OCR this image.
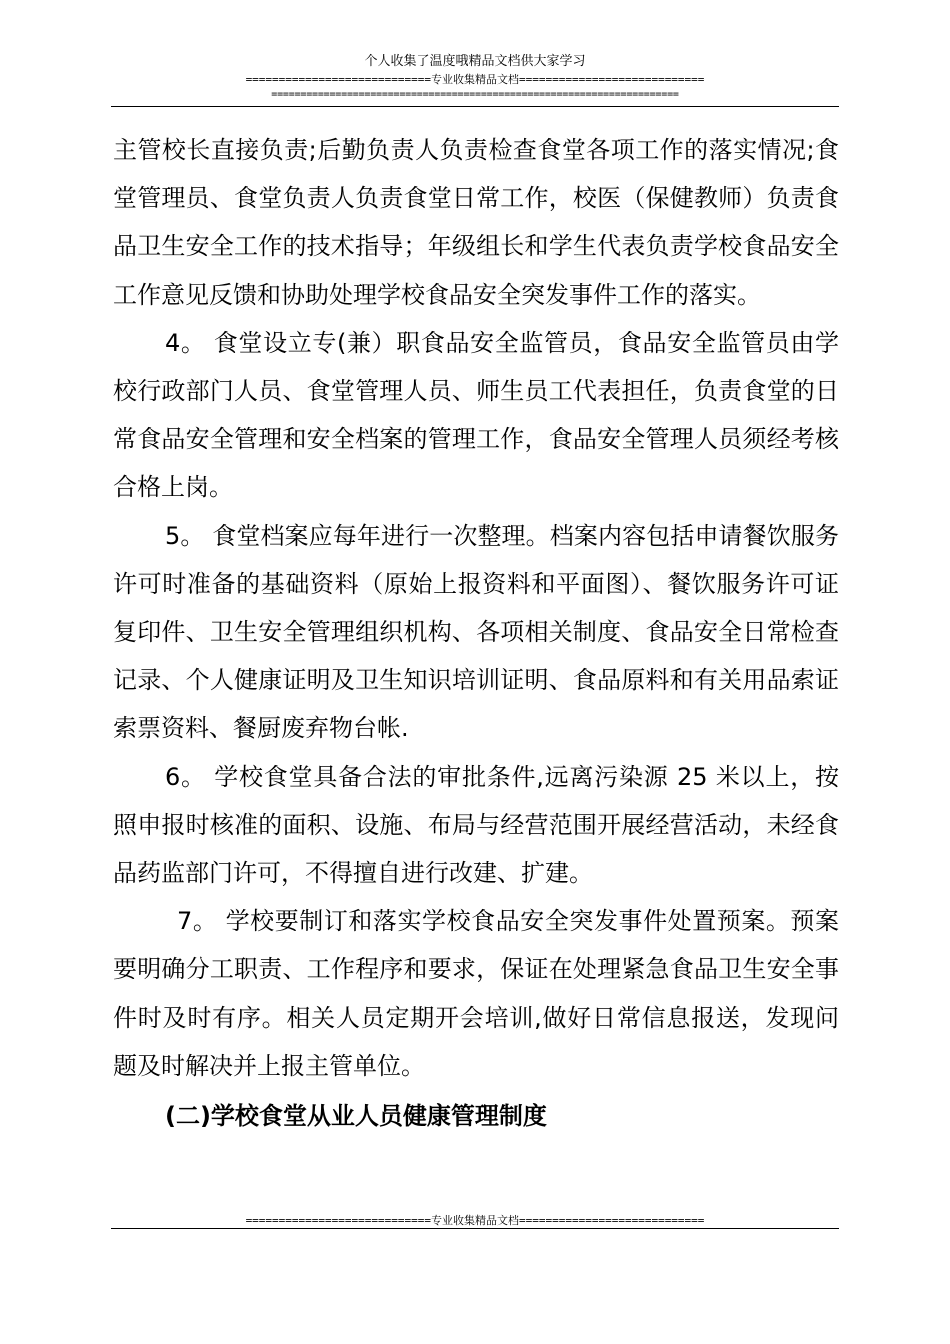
个人收集了温度哦精品文档供大家学习
============================专业收集精品文档============================
======================================================================

主管校长直接负责;后勤负责人负责检查食堂各项工作的落实情况;食堂管理员、食堂负责人负责食堂日常工作，校医（保健教师）负责食品卫生安全工作的技术指导；年级组长和学生代表负责学校食品安全工作意见反馈和协助处理学校食品安全突发事件工作的落实。

4。 食堂设立专(兼）职食品安全监管员，食品安全监管员由学校行政部门人员、食堂管理人员、师生员工代表担任，负责食堂的日常食品安全管理和安全档案的管理工作，食品安全管理人员须经考核合格上岗。

5。 食堂档案应每年进行一次整理。档案内容包括申请餐饮服务许可时准备的基础资料（原始上报资料和平面图）、餐饮服务许可证复印件、卫生安全管理组织机构、各项相关制度、食品安全日常检查记录、个人健康证明及卫生知识培训证明、食品原料和有关用品索证索票资料、餐厨废弃物台帐.

6。 学校食堂具备合法的审批条件,远离污染源 25 米以上，按照申报时核准的面积、设施、布局与经营范围开展经营活动，未经食品药监部门许可，不得擅自进行改建、扩建。

7。 学校要制订和落实学校食品安全突发事件处置预案。预案要明确分工职责、工作程序和要求，保证在处理紧急食品卫生安全事件时及时有序。相关人员定期开会培训,做好日常信息报送，发现问题及时解决并上报主管单位。

(二)学校食堂从业人员健康管理制度

============================专业收集精品文档============================
